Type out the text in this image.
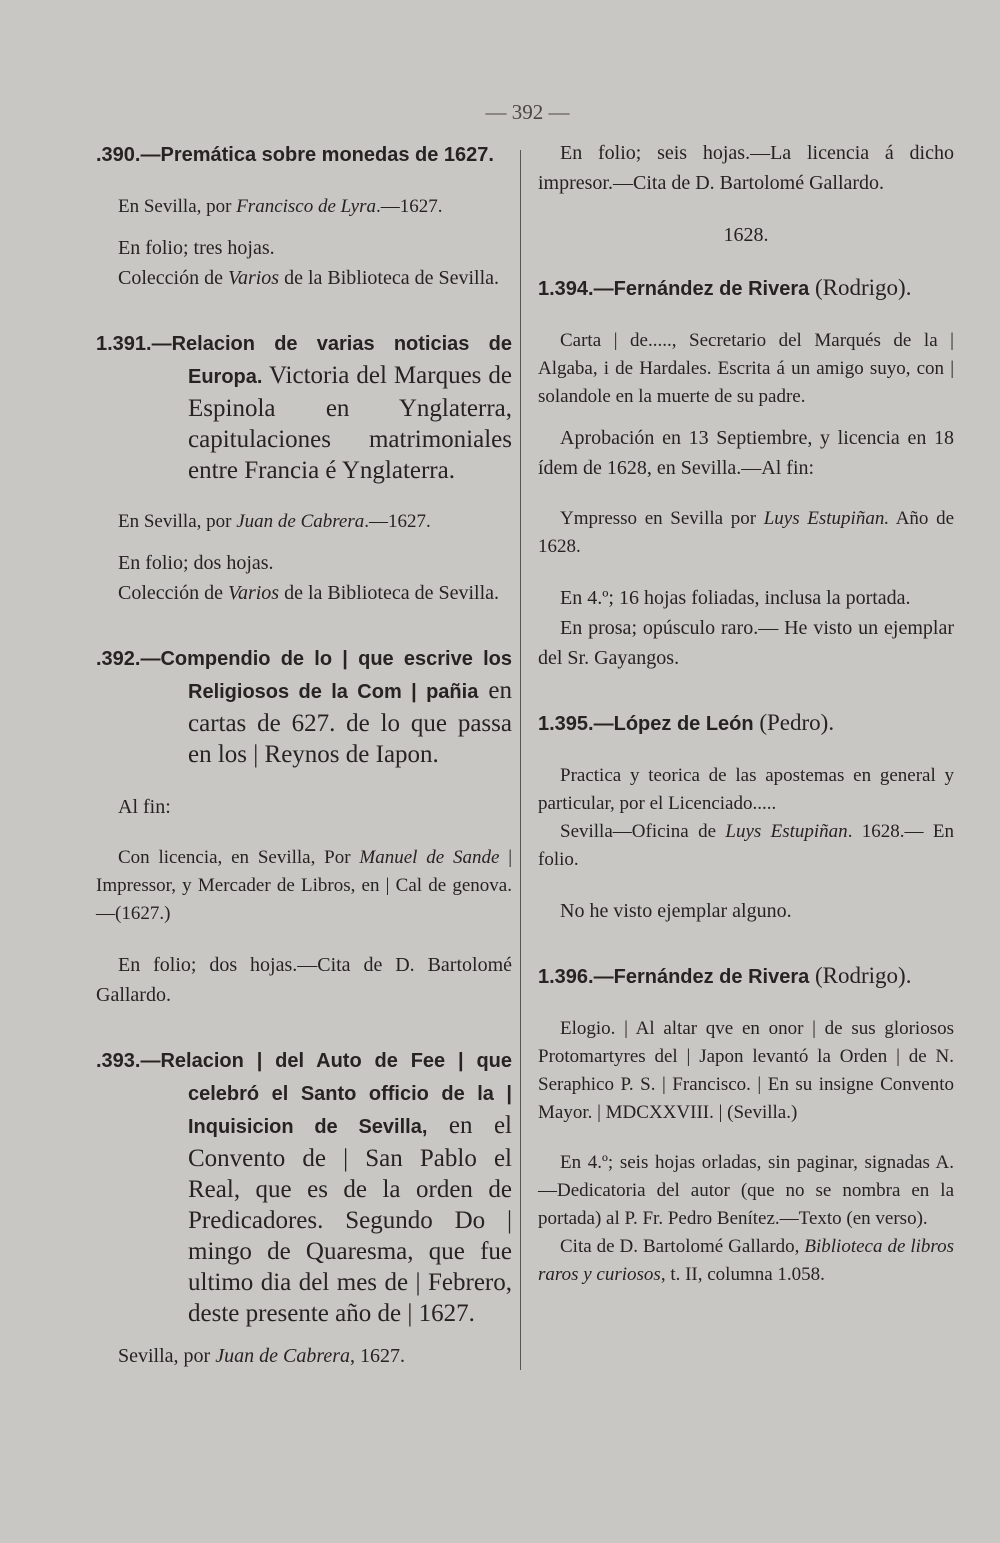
— 392 —

.390.—Premática sobre monedas de 1627.

En Sevilla, por Francisco de Lyra.—1627.

En folio; tres hojas.

Colección de Varios de la Biblioteca de Sevilla.

1.391.—Relacion de varias noticias de Europa. Victoria del Marques de Espinola en Ynglaterra, capitulaciones matrimoniales entre Francia é Ynglaterra.

En Sevilla, por Juan de Cabrera.—1627.

En folio; dos hojas.

Colección de Varios de la Biblioteca de Sevilla.

.392.—Compendio de lo | que escrive los Religiosos de la Com | pañia en cartas de 627. de lo que passa en los | Reynos de Iapon.

Al fin:

Con licencia, en Sevilla, Por Manuel de Sande | Impressor, y Mercader de Libros, en | Cal de genova.—(1627.)

En folio; dos hojas.—Cita de D. Bartolomé Gallardo.

.393.—Relacion | del Auto de Fee | que celebró el Santo officio de la | Inquisicion de Sevilla, en el Convento de | San Pablo el Real, que es de la orden de Predicadores. Segundo Do | mingo de Quaresma, que fue ultimo dia del mes de | Febrero, deste presente año de | 1627.

Sevilla, por Juan de Cabrera, 1627.

En folio; seis hojas.—La licencia á dicho impresor.—Cita de D. Bartolomé Gallardo.

1628.

1.394.—Fernández de Rivera (Rodrigo).

Carta | de....., Secretario del Marqués de la | Algaba, i de Hardales. Escrita á un amigo suyo, con | solandole en la muerte de su padre.

Aprobación en 13 Septiembre, y licencia en 18 ídem de 1628, en Sevilla.—Al fin:

Ympresso en Sevilla por Luys Estupiñan. Año de 1628.

En 4.º; 16 hojas foliadas, inclusa la portada.

En prosa; opúsculo raro.— He visto un ejemplar del Sr. Gayangos.

1.395.—López de León (Pedro).

Practica y teorica de las apostemas en general y particular, por el Licenciado.....

Sevilla—Oficina de Luys Estupiñan. 1628.— En folio.

No he visto ejemplar alguno.

1.396.—Fernández de Rivera (Rodrigo).

Elogio. | Al altar qve en onor | de sus gloriosos Protomartyres del | Japon levantó la Orden | de N. Seraphico P. S. | Francisco. | En su insigne Convento Mayor. | MDCXXVIII. | (Sevilla.)

En 4.º; seis hojas orladas, sin paginar, signadas A.—Dedicatoria del autor (que no se nombra en la portada) al P. Fr. Pedro Benítez.—Texto (en verso).

Cita de D. Bartolomé Gallardo, Biblioteca de libros raros y curiosos, t. II, columna 1.058.
